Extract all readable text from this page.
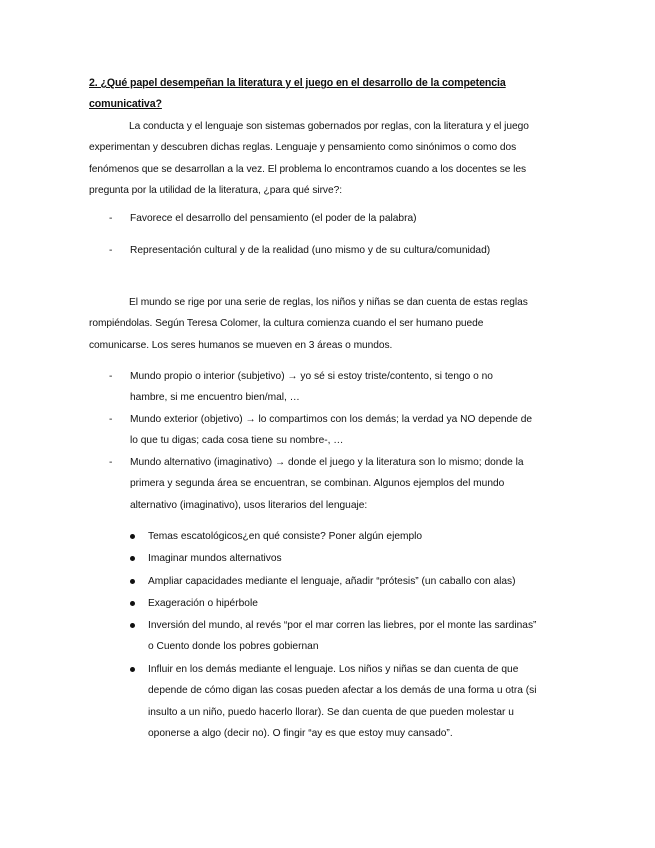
2. ¿Qué papel desempeñan la literatura y el juego en el desarrollo de la competencia
comunicativa?
La conducta y el lenguaje son sistemas gobernados por reglas, con la literatura y el juego
experimentan y descubren dichas reglas. Lenguaje y pensamiento como sinónimos o como dos
fenómenos que se desarrollan a la vez. El problema lo encontramos cuando a los docentes se les
pregunta por la utilidad de la literatura, ¿para qué sirve?:
- Favorece el desarrollo del pensamiento (el poder de la palabra)
- Representación cultural y de la realidad (uno mismo y de su cultura/comunidad)
El mundo se rige por una serie de reglas, los niños y niñas se dan cuenta de estas reglas
rompiéndolas. Según Teresa Colomer, la cultura comienza cuando el ser humano puede
comunicarse. Los seres humanos se mueven en 3 áreas o mundos.
- Mundo propio o interior (subjetivo) → yo sé si estoy triste/contento, si tengo o no
hambre, si me encuentro bien/mal, …
- Mundo exterior (objetivo) → lo compartimos con los demás; la verdad ya NO depende de
lo que tu digas; cada cosa tiene su nombre-, …
- Mundo alternativo (imaginativo) → donde el juego y la literatura son lo mismo; donde la
primera y segunda área se encuentran, se combinan. Algunos ejemplos del mundo
alternativo (imaginativo), usos literarios del lenguaje:
Temas escatológicos¿en qué consiste? Poner algún ejemplo
Imaginar mundos alternativos
Ampliar capacidades mediante el lenguaje, añadir “prótesis” (un caballo con alas)
Exageración o hipérbole
Inversión del mundo, al revés “por el mar corren las liebres, por el monte las sardinas”
o Cuento donde los pobres gobiernan
Influir en los demás mediante el lenguaje. Los niños y niñas se dan cuenta de que
depende de cómo digan las cosas pueden afectar a los demás de una forma u otra (si
insulto a un niño, puedo hacerlo llorar). Se dan cuenta de que pueden molestar u
oponerse a algo (decir no). O fingir “ay es que estoy muy cansado”.
